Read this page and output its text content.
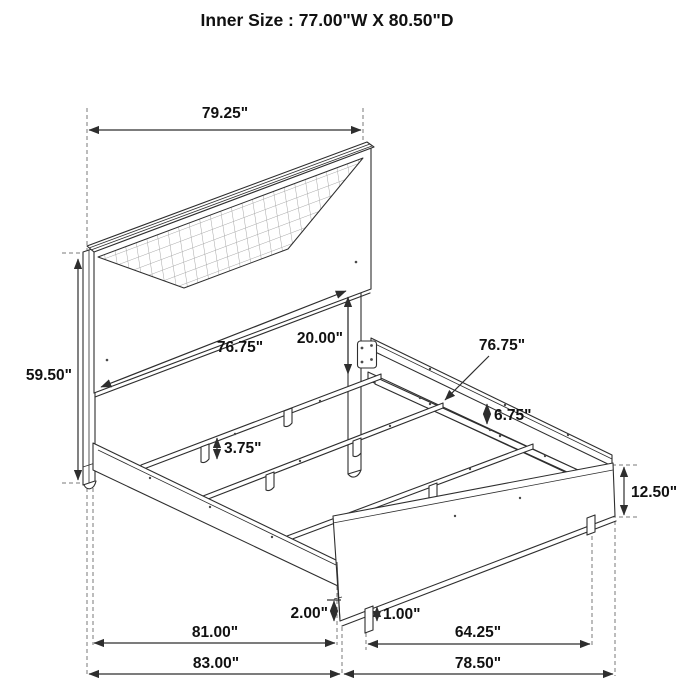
79.25"
59.50"
76.75"
20.00"
3.75"
76.75"
6.75"
12.50"
2.00"	1.00"
81.00"
83.00"
64.25"
78.50"
Inner Size : 77.00"W X 80.50"D
